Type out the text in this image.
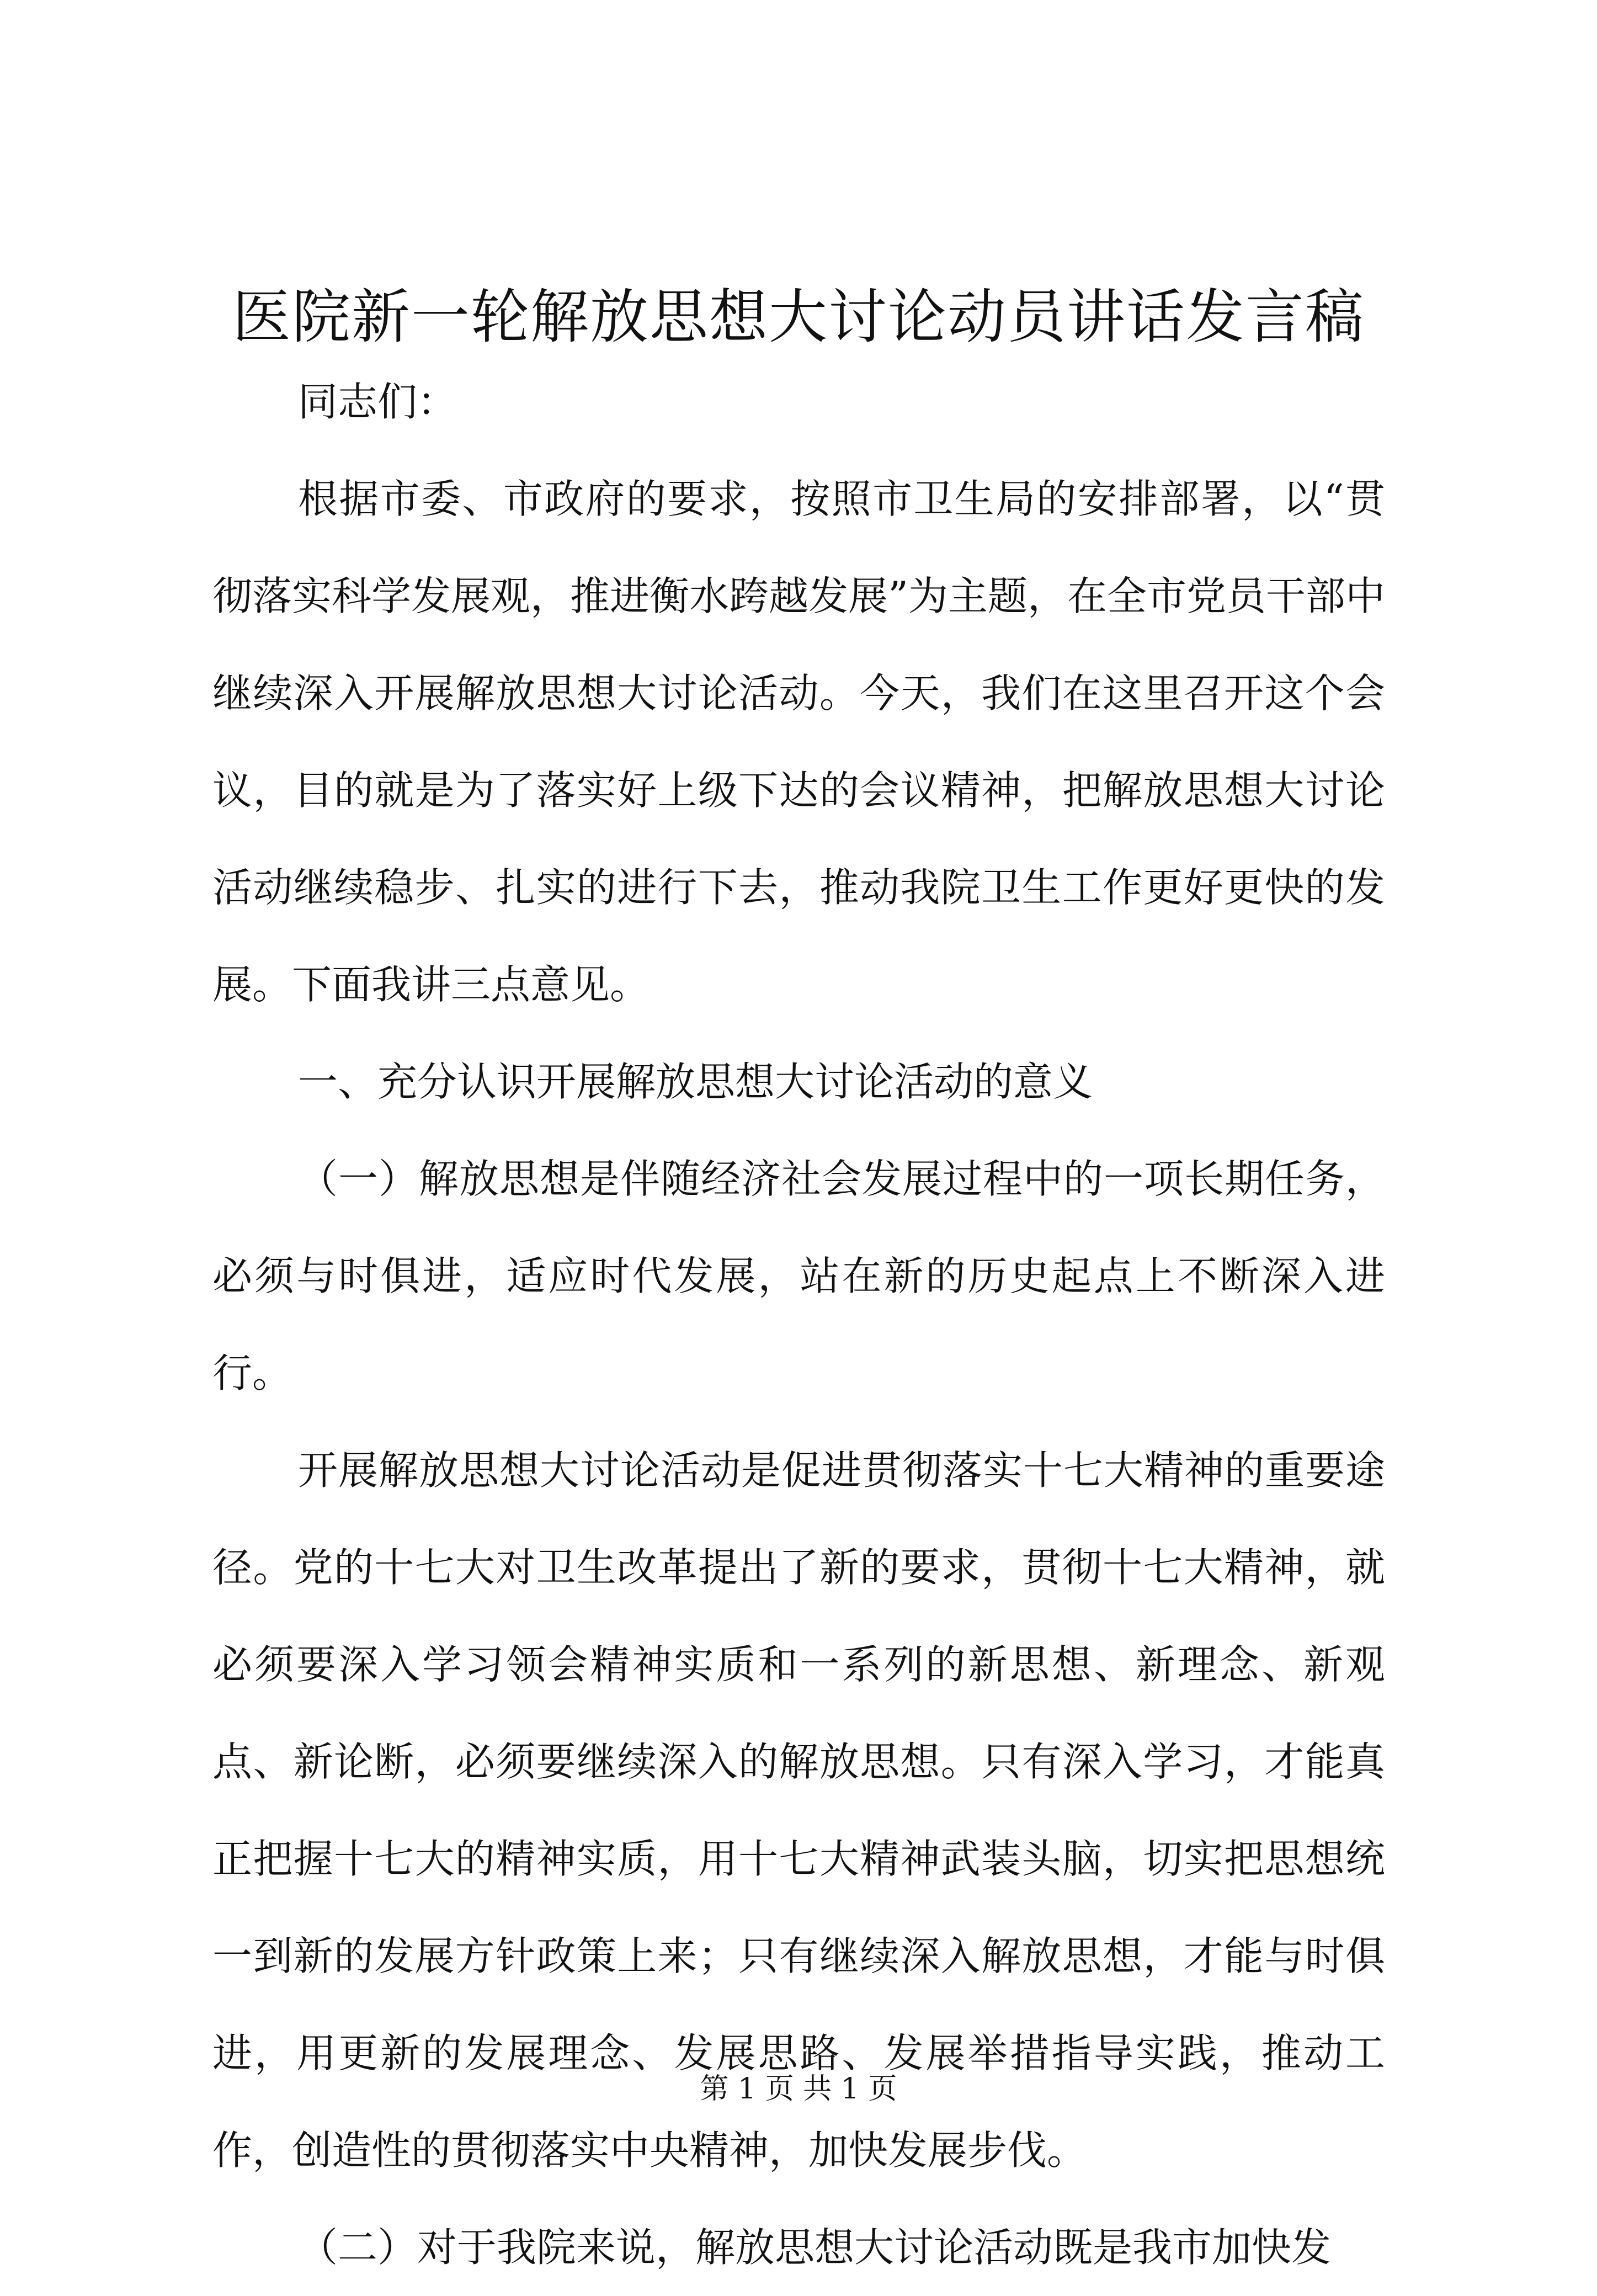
医院新一轮解放思想大讨论动员讲话发言稿

同志们：

根据市委、市政府的要求，按照市卫生局的安排部署，以“贯彻落实科学发展观，推进衡水跨越发展”为主题，在全市党员干部中继续深入开展解放思想大讨论活动。今天，我们在这里召开这个会议，目的就是为了落实好上级下达的会议精神，把解放思想大讨论活动继续稳步、扎实的进行下去，推动我院卫生工作更好更快的发展。下面我讲三点意见。

一、充分认识开展解放思想大讨论活动的意义

（一）解放思想是伴随经济社会发展过程中的一项长期任务，必须与时俱进，适应时代发展，站在新的历史起点上不断深入进行。

开展解放思想大讨论活动是促进贯彻落实十七大精神的重要途径。党的十七大对卫生改革提出了新的要求，贯彻十七大精神，就必须要深入学习领会精神实质和一系列的新思想、新理念、新观点、新论断，必须要继续深入的解放思想。只有深入学习，才能真正把握十七大的精神实质，用十七大精神武装头脑，切实把思想统一到新的发展方针政策上来；只有继续深入解放思想，才能与时俱进，用更新的发展理念、发展思路、发展举措指导实践，推动工作，创造性的贯彻落实中央精神，加快发展步伐。

（二）对于我院来说，解放思想大讨论活动既是我市加快发

第 1 页 共 1 页
